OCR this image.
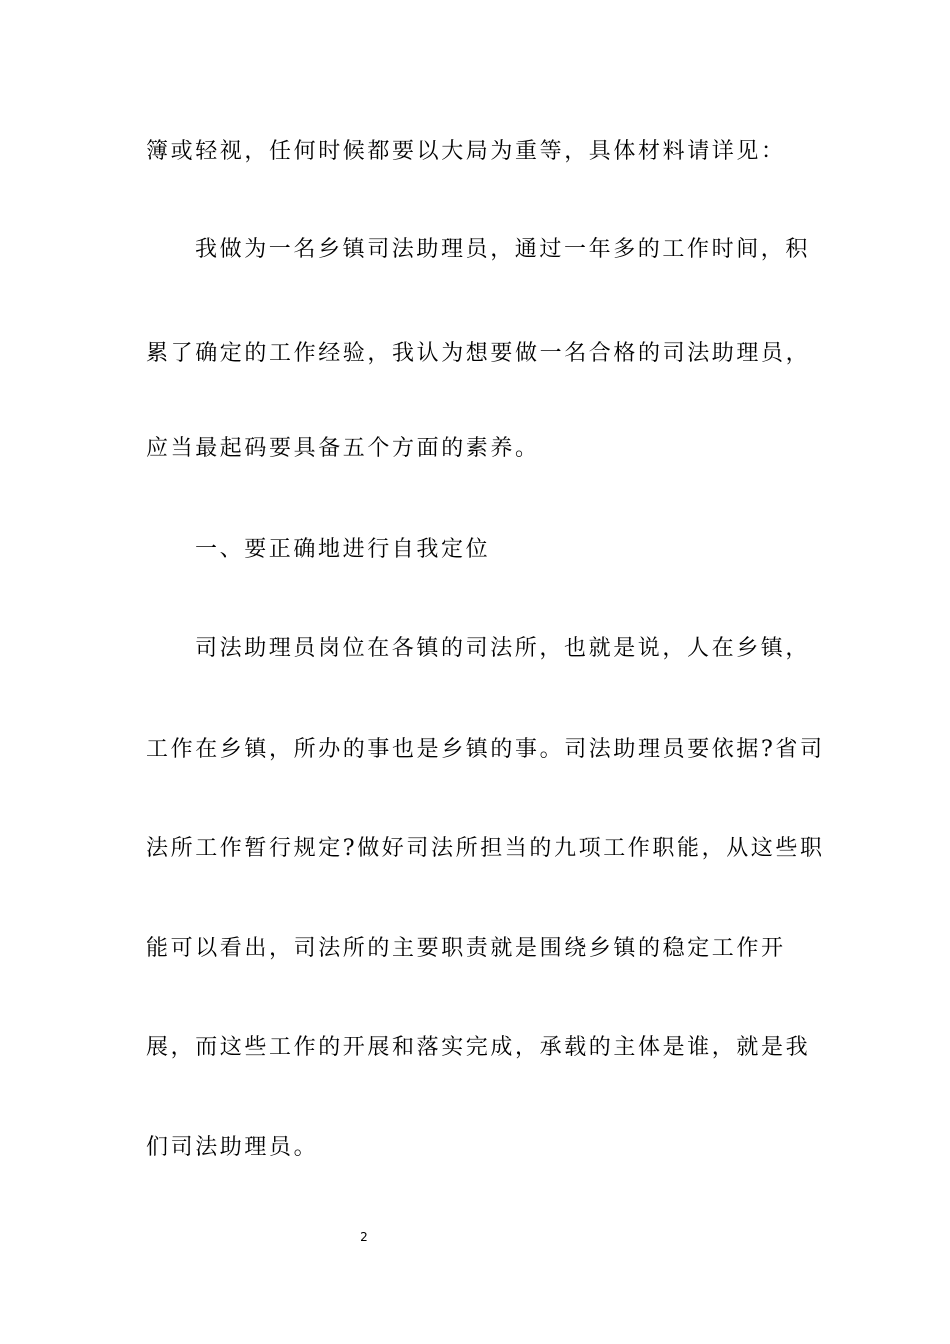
簿或轻视，任何时候都要以大局为重等，具体材料请详见：
我做为一名乡镇司法助理员，通过一年多的工作时间，积
累了确定的工作经验，我认为想要做一名合格的司法助理员，
应当最起码要具备五个方面的素养。
一、要正确地进行自我定位
司法助理员岗位在各镇的司法所，也就是说，人在乡镇，
工作在乡镇，所办的事也是乡镇的事。司法助理员要依据?省司
法所工作暂行规定?做好司法所担当的九项工作职能，从这些职
能可以看出，司法所的主要职责就是围绕乡镇的稳定工作开
展，而这些工作的开展和落实完成，承载的主体是谁，就是我
们司法助理员。
2
